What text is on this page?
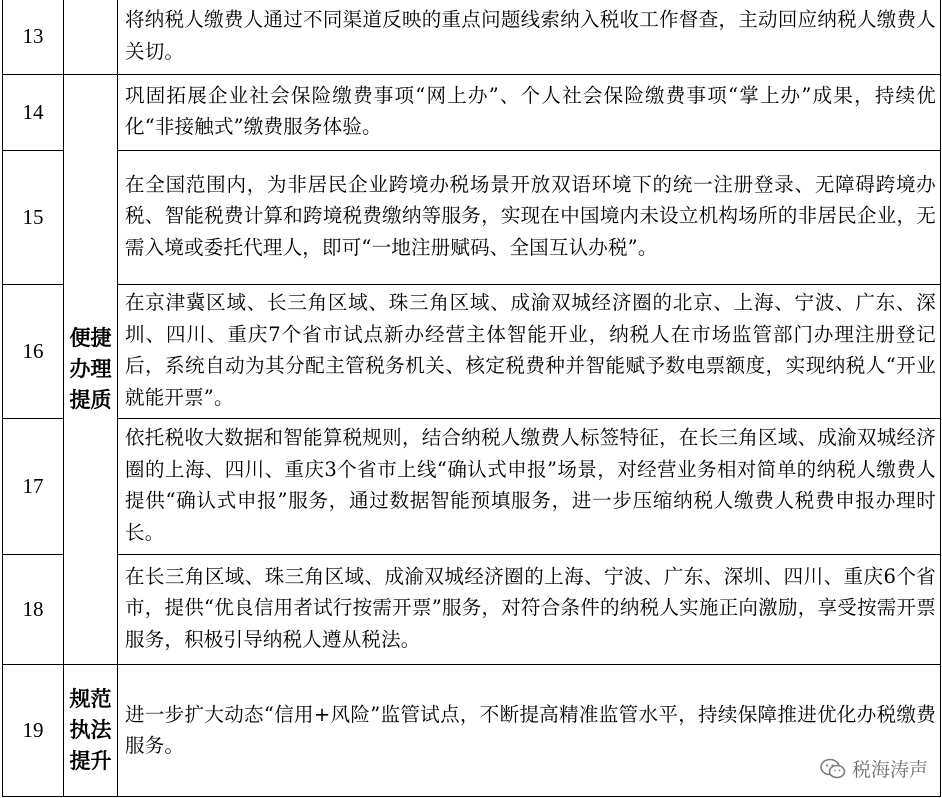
13		将纳税人缴费人通过不同渠道反映的重点问题线索纳入税收工作督查，主动回应纳税人缴费人关切。
14	便捷办理提质	巩固拓展企业社会保险缴费事项“网上办”、个人社会保险缴费事项“掌上办”成果，持续优化“非接触式”缴费服务体验。
15		在全国范围内，为非居民企业跨境办税场景开放双语环境下的统一注册登录、无障碍跨境办税、智能税费计算和跨境税费缴纳等服务，实现在中国境内未设立机构场所的非居民企业，无需入境或委托代理人，即可“一地注册赋码、全国互认办税”。
16		在京津冀区域、长三角区域、珠三角区域、成渝双城经济圈的北京、上海、宁波、广东、深圳、四川、重庆7个省市试点新办经营主体智能开业，纳税人在市场监管部门办理注册登记后，系统自动为其分配主管税务机关、核定税费种并智能赋予数电票额度，实现纳税人“开业就能开票”。
17		依托税收大数据和智能算税规则，结合纳税人缴费人标签特征，在长三角区域、成渝双城经济圈的上海、四川、重庆3个省市上线“确认式申报”场景，对经营业务相对简单的纳税人缴费人提供“确认式申报”服务，通过数据智能预填服务，进一步压缩纳税人缴费人税费申报办理时长。
18		在长三角区域、珠三角区域、成渝双城经济圈的上海、宁波、广东、深圳、四川、重庆6个省市，提供“优良信用者试行按需开票”服务，对符合条件的纳税人实施正向激励，享受按需开票服务，积极引导纳税人遵从税法。
19	规范执法提升	进一步扩大动态“信用+风险”监管试点，不断提高精准监管水平，持续保障推进优化办税缴费服务。
税海涛声
